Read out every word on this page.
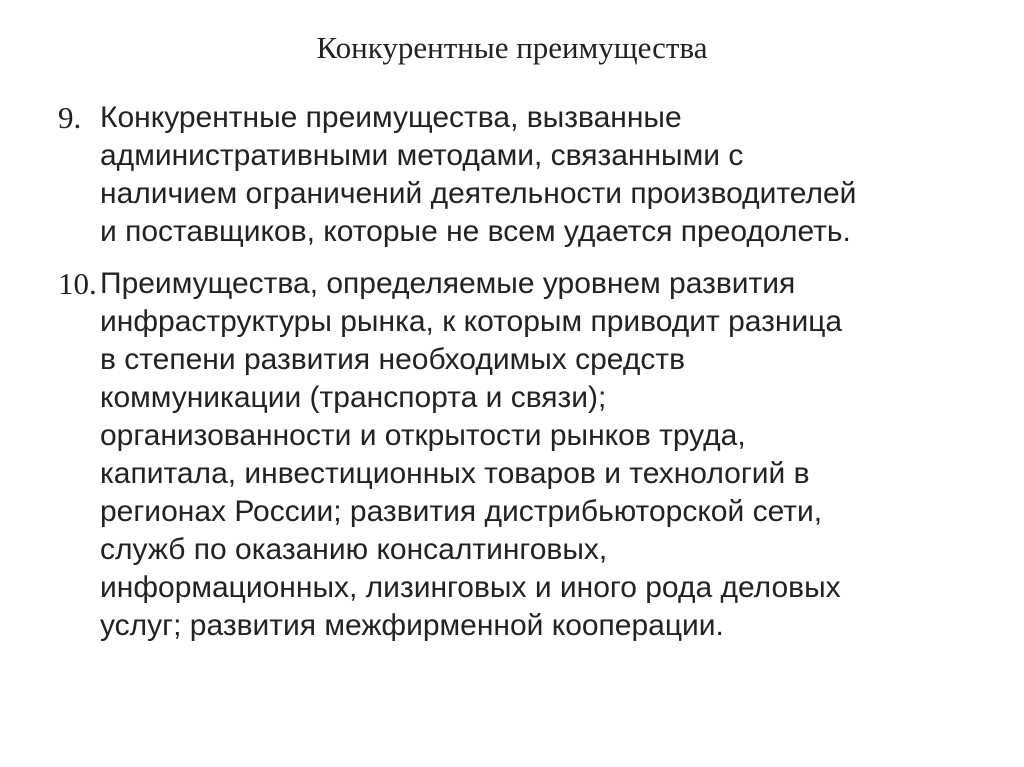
Конкурентные преимущества
9. Конкурентные преимущества, вызванные
административными методами, связанными с
наличием ограничений деятельности производителей
и поставщиков, которые не всем удается преодолеть.
10. Преимущества, определяемые уровнем развития
инфраструктуры рынка, к которым приводит разница
в степени развития необходимых средств
коммуникации (транспорта и связи);
организованности и открытости рынков труда,
капитала, инвестиционных товаров и технологий в
регионах России; развития дистрибьюторской сети,
служб по оказанию консалтинговых,
информационных, лизинговых и иного рода деловых
услуг; развития межфирменной кооперации.
